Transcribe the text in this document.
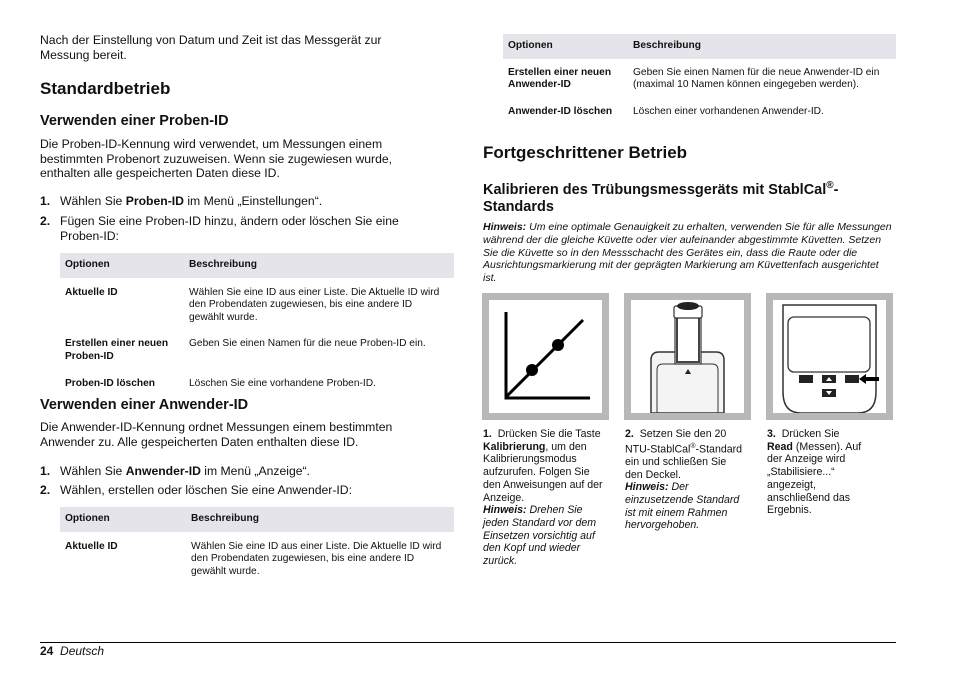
Nach der Einstellung von Datum und Zeit ist das Messgerät zur Messung bereit.
Standardbetrieb
Verwenden einer Proben-ID
Die Proben-ID-Kennung wird verwendet, um Messungen einem bestimmten Probenort zuzuweisen. Wenn sie zugewiesen wurde, enthalten alle gespeicherten Daten diese ID.
1. Wählen Sie Proben-ID im Menü „Einstellungen“.
2. Fügen Sie eine Proben-ID hinzu, ändern oder löschen Sie eine Proben-ID:
Optionen	Beschreibung
Aktuelle ID	Wählen Sie eine ID aus einer Liste. Die Aktuelle ID wird den Probendaten zugewiesen, bis eine andere ID gewählt wurde.
Erstellen einer neuen Proben-ID	Geben Sie einen Namen für die neue Proben-ID ein.
Proben-ID löschen	Löschen Sie eine vorhandene Proben-ID.
Verwenden einer Anwender-ID
Die Anwender-ID-Kennung ordnet Messungen einem bestimmten Anwender zu. Alle gespeicherten Daten enthalten diese ID.
1. Wählen Sie Anwender-ID im Menü „Anzeige“.
2. Wählen, erstellen oder löschen Sie eine Anwender-ID:
Optionen	Beschreibung
Aktuelle ID	Wählen Sie eine ID aus einer Liste. Die Aktuelle ID wird den Probendaten zugewiesen, bis eine andere ID gewählt wurde.
Optionen	Beschreibung
Erstellen einer neuen Anwender-ID	Geben Sie einen Namen für die neue Anwender-ID ein (maximal 10 Namen können eingegeben werden).
Anwender-ID löschen	Löschen einer vorhandenen Anwender-ID.
Fortgeschrittener Betrieb
Kalibrieren des Trübungsmessgeräts mit StablCal®-Standards
Hinweis: Um eine optimale Genauigkeit zu erhalten, verwenden Sie für alle Messungen während der die gleiche Küvette oder vier aufeinander abgestimmte Küvetten. Setzen Sie die Küvette so in den Messschacht des Gerätes ein, dass die Raute oder die Ausrichtungsmarkierung mit der geprägten Markierung am Küvettenfach ausgerichtet ist.
1. Drücken Sie die Taste Kalibrierung, um den Kalibrierungsmodus aufzurufen. Folgen Sie den Anweisungen auf der Anzeige.
Hinweis: Drehen Sie jeden Standard vor dem Einsetzen vorsichtig auf den Kopf und wieder zurück.
2. Setzen Sie den 20 NTU-StablCal®-Standard ein und schließen Sie den Deckel.
Hinweis: Der einzusetzende Standard ist mit einem Rahmen hervorgehoben.
3. Drücken Sie Read (Messen). Auf der Anzeige wird „Stabilisiere...“ angezeigt, anschließend das Ergebnis.
24 Deutsch
